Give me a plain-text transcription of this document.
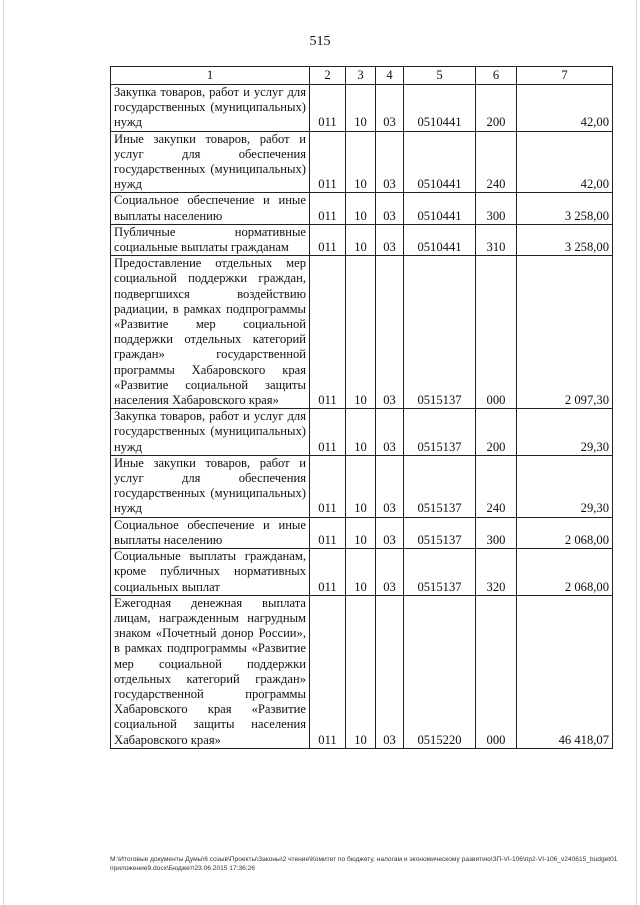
515
1	2	3	4	5	6	7
Закупка товаров, работ и услуг для государственных (муниципальных) нужд	011	10	03	0510441	200	42,00
Иные закупки товаров, работ и услуг для обеспечения государственных (муниципальных) нужд	011	10	03	0510441	240	42,00
Социальное обеспечение и иные выплаты населению	011	10	03	0510441	300	3 258,00
Публичные нормативные социальные выплаты гражданам	011	10	03	0510441	310	3 258,00
Предоставление отдельных мер социальной поддержки граждан, подвергшихся воздействию радиации, в рамках подпрограммы «Развитие мер социальной поддержки отдельных категорий граждан» государственной программы Хабаровского края «Развитие социальной защиты населения Хабаровского края»	011	10	03	0515137	000	2 097,30
Закупка товаров, работ и услуг для государственных (муниципальных) нужд	011	10	03	0515137	200	29,30
Иные закупки товаров, работ и услуг для обеспечения государственных (муниципальных) нужд	011	10	03	0515137	240	29,30
Социальное обеспечение и иные выплаты населению	011	10	03	0515137	300	2 068,00
Социальные выплаты гражданам, кроме публичных нормативных социальных выплат	011	10	03	0515137	320	2 068,00
Ежегодная денежная выплата лицам, награжденным нагрудным знаком «Почетный донор России», в рамках подпрограммы «Развитие мер социальной поддержки отдельных категорий граждан» государственной программы Хабаровского края «Развитие социальной защиты населения Хабаровского края»	011	10	03	0515220	000	46 418,07
M:\Итоговые документы Думы\6 созыв\Проекты\Законы\2 чтение\Комитет по бюджету, налогам и экономическому развитию\ЗП-VI-106\пр2-VI-106_v240615_budget01приложение9.docx\Бюджет\23.06.2015 17:36:26
